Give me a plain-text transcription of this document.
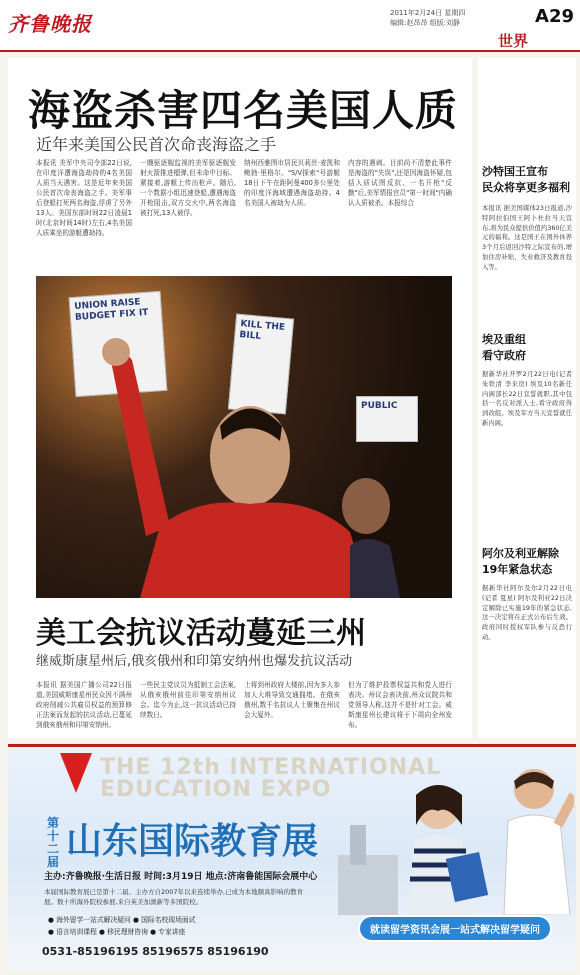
齐鲁晚报	2011年2月24日 星期四
编辑:赵昂昂 组版:刘静	A29
世界
海盗杀害四名美国人质
近年来美国公民首次命丧海盗之手
本报讯 美军中央司令部22日说,在印度洋遭海盗劫持的4名美国人质当天遇害。这是近年来美国公民首次命丧海盗之手。美军事后登船打死两名海盗,俘虏了另外13人。美国东部时间22日凌晨1时(北京时间14时)左右,4名美国人质乘坐的游艇遭劫持。
一艘驱逐舰监视的美军驱逐舰发射火箭推进榴弹,但未命中目标。紧接着,游艇上传出枪声。随后,一个数据小组迅速登船,遭遇海盗开枪阻击,双方交火中,两名海盗被打死,13人被俘。
纳州西雅图市居民贝莉丝·麦凯和鲍勃·里格尔。"S/V探索"号游艇18日下午在距阿曼400多公里处的印度洋海域遭遇海盗劫持。4名美国人被劫为人质。
内容的遇刺。目前尚不清楚此事件是海盗的"失误",还是因海盗怀疑,包括人质试图反抗、一名开枪"反勤"后,美军情报官员"第一时间"内确认人质被杀。本报综合
UNION RAISE BUDGET FIX IT
KILL THE BILL
PUBLIC
美工会抗议活动蔓延三州
继威斯康星州后,俄亥俄州和印第安纳州也爆发抗议活动
本报讯 据美国广播公司22日报道,美国威斯康星州民众因不满州政府削减公共雇员权益的预算修正法案而发起的抗议活动,已蔓延到俄亥俄州和印第安纳州。
一些民主党议员为抵制工会法案,从俄亥俄州前往印第安纳州议会。迄今为止,这一抗议活动已持续数日。
士将到州政府大楼前,因为多人参加人大堆导致交通拥堵。在俄亥俄州,数千名抗议人士聚集在州议会大厦外。
但为了维护投票权益共和党人进行表决。州议会表决前,州众议院共和党领导人称,这并不是针对工会。威斯康星州长建议将于下周向全州发布。
沙特国王宣布
民众将享更多福利
本报讯 据美国媒体23日报道,沙特阿拉伯国王阿卜杜拉当天宣布,将为民众提供价值约360亿美元的福利。这是国王在国外休养3个月后返回沙特之际宣布的,增加住房补贴、失业救济及教育投入等。
埃及重组
看守政府
据新华社开罗2月22日电(记者 朱铁清 李来房) 埃及10名新任内阁部长22日宣誓就职,其中包括一名反对派人士,看守政府得到改组。埃及军方当天宣誓就任新内阁。
阿尔及利亚解除
19年紧急状态
据新华社阿尔及尔2月22日电(记者 夏星) 阿尔及利亚22日决定解除已实施19年的紧急状态,这一决定将在正式公布后生效。政府同时授权军队参与反恐行动。
THE 12th INTERNATIONAL
EDUCATION EXPO
第十二届 山东国际教育展
主办:齐鲁晚报·生活日报 时间:3月19日 地点:济南鲁能国际会展中心
本届国际教育展已是第十二届。主办方自2007年以来连续举办,已成为本地颇具影响的教育展。数十所海外院校参展,来自英美加澳新等多国院校。
● 海外留学一站式解决疑问 ● 国际名校现场面试
● 语言培训课程 ● 移民理财咨询 ● 专家讲座
0531-85196195 85196575 85196190
就读留学资讯会展一站式解决留学疑问
